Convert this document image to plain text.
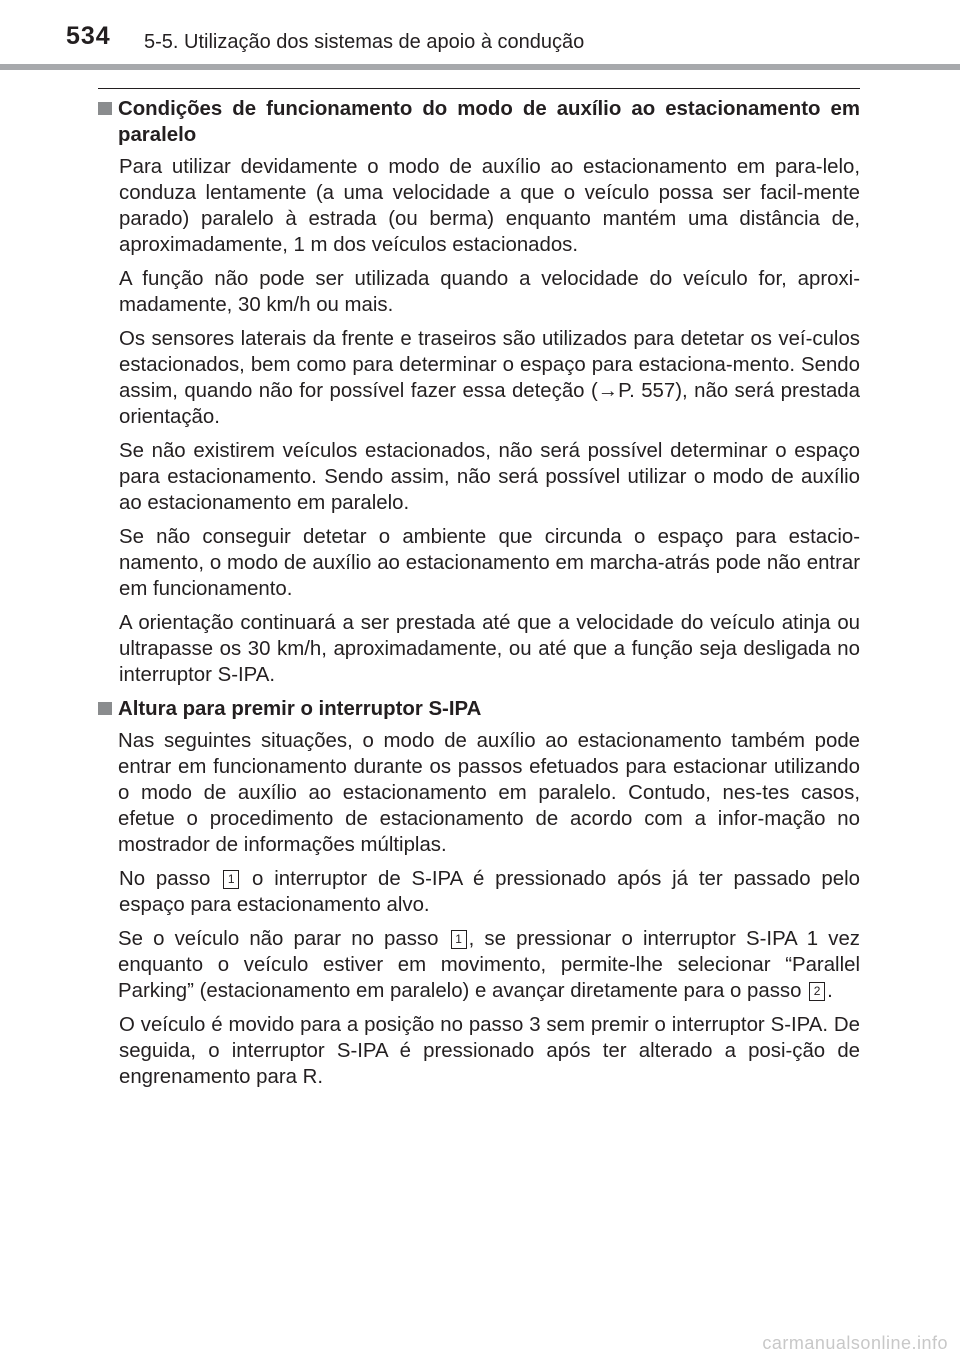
534 5-5. Utilização dos sistemas de apoio à condução
Condições de funcionamento do modo de auxílio ao estacionamento em paralelo
Para utilizar devidamente o modo de auxílio ao estacionamento em para-lelo, conduza lentamente (a uma velocidade a que o veículo possa ser facil-mente parado) paralelo à estrada (ou berma) enquanto mantém uma distância de, aproximadamente, 1 m dos veículos estacionados.
A função não pode ser utilizada quando a velocidade do veículo for, aproxi-madamente, 30 km/h ou mais.
Os sensores laterais da frente e traseiros são utilizados para detetar os veí-culos estacionados, bem como para determinar o espaço para estaciona-mento. Sendo assim, quando não for possível fazer essa deteção (→P. 557), não será prestada orientação.
Se não existirem veículos estacionados, não será possível determinar o espaço para estacionamento. Sendo assim, não será possível utilizar o modo de auxílio ao estacionamento em paralelo.
Se não conseguir detetar o ambiente que circunda o espaço para estacio-namento, o modo de auxílio ao estacionamento em marcha-atrás pode não entrar em funcionamento.
A orientação continuará a ser prestada até que a velocidade do veículo atinja ou ultrapasse os 30 km/h, aproximadamente, ou até que a função seja desligada no interruptor S-IPA.
Altura para premir o interruptor S-IPA
Nas seguintes situações, o modo de auxílio ao estacionamento também pode entrar em funcionamento durante os passos efetuados para estacionar utilizando o modo de auxílio ao estacionamento em paralelo. Contudo, nes-tes casos, efetue o procedimento de estacionamento de acordo com a infor-mação no mostrador de informações múltiplas.
No passo 1 o interruptor de S-IPA é pressionado após já ter passado pelo espaço para estacionamento alvo.
Se o veículo não parar no passo 1 , se pressionar o interruptor S-IPA 1 vez enquanto o veículo estiver em movimento, permite-lhe selecionar “Parallel Parking” (estacionamento em paralelo) e avançar diretamente para o passo 2 .
O veículo é movido para a posição no passo 3 sem premir o interruptor S-IPA. De seguida, o interruptor S-IPA é pressionado após ter alterado a posi-ção de engrenamento para R.
carmanualsonline.info
